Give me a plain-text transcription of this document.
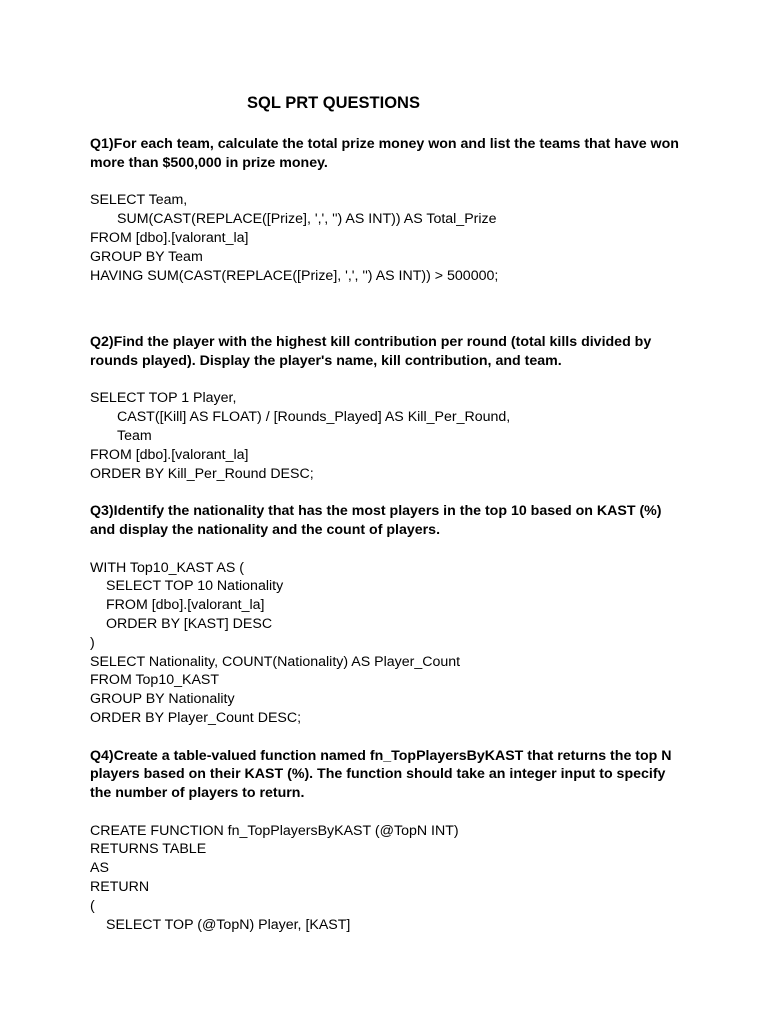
SQL PRT QUESTIONS

Q1)For each team, calculate the total prize money won and list the teams that have won more than $500,000 in prize money.

SELECT Team,
SUM(CAST(REPLACE([Prize], ',', '') AS INT)) AS Total_Prize
FROM [dbo].[valorant_la]
GROUP BY Team
HAVING SUM(CAST(REPLACE([Prize], ',', '') AS INT)) > 500000;

Q2)Find the player with the highest kill contribution per round (total kills divided by rounds played). Display the player's name, kill contribution, and team.

SELECT TOP 1 Player,
CAST([Kill] AS FLOAT) / [Rounds_Played] AS Kill_Per_Round,
Team
FROM [dbo].[valorant_la]
ORDER BY Kill_Per_Round DESC;

Q3)Identify the nationality that has the most players in the top 10 based on KAST (%) and display the nationality and the count of players.

WITH Top10_KAST AS (
SELECT TOP 10 Nationality
FROM [dbo].[valorant_la]
ORDER BY [KAST] DESC
)
SELECT Nationality, COUNT(Nationality) AS Player_Count
FROM Top10_KAST
GROUP BY Nationality
ORDER BY Player_Count DESC;

Q4)Create a table-valued function named fn_TopPlayersByKAST that returns the top N players based on their KAST (%). The function should take an integer input to specify the number of players to return.

CREATE FUNCTION fn_TopPlayersByKAST (@TopN INT)
RETURNS TABLE
AS
RETURN
(
SELECT TOP (@TopN) Player, [KAST]
